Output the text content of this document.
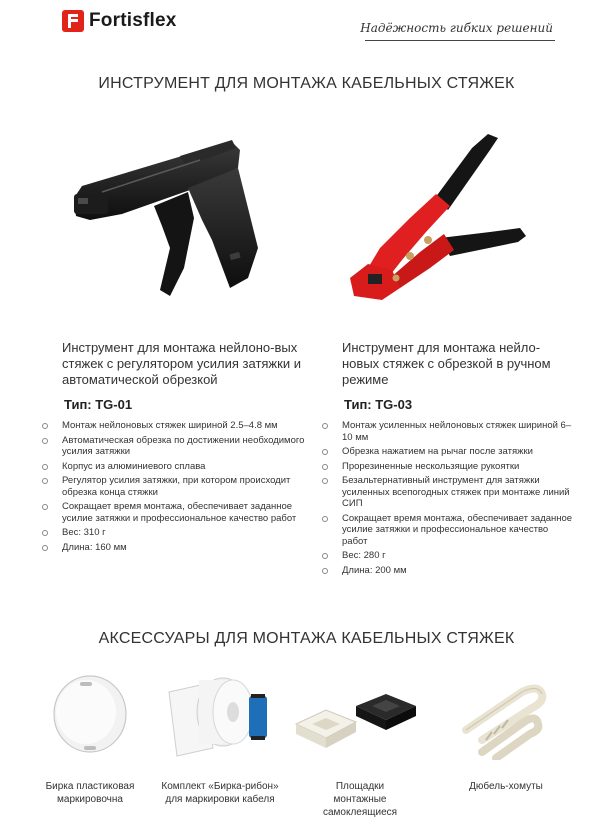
Fortisflex	Надёжность гибких решений
ИНСТРУМЕНТ ДЛЯ МОНТАЖА КАБЕЛЬНЫХ СТЯЖЕК

Инструмент для монтажа нейлоно-вых стяжек с регулятором усилия затяжки и автоматической обрезкой

Тип: TG-01
Монтаж нейлоновых стяжек шириной 2.5–4.8 мм
Автоматическая обрезка по достижении необходимого усилия затяжки
Корпус из алюминиевого сплава
Регулятор усилия затяжки, при котором происходит обрезка конца стяжки
Сокращает время монтажа, обеспечивает заданное усилие затяжки и профессиональное качество работ
Вес: 310 г
Длина: 160 мм

Инструмент для монтажа нейло-новых стяжек с обрезкой в ручном режиме

Тип: TG-03
Монтаж усиленных нейлоновых стяжек шириной 6–10 мм
Обрезка нажатием на рычаг после затяжки
Прорезиненные нескользящие рукоятки
Безальтернативный инструмент для затяжки усиленных всепогодных стяжек при монтаже линий СИП
Сокращает время монтажа, обеспечивает заданное усилие затяжки и профессиональное качество работ
Вес: 280 г
Длина: 200 мм
АКСЕССУАРЫ ДЛЯ МОНТАЖА КАБЕЛЬНЫХ СТЯЖЕК
Бирка пластиковая маркировочна
Комплект «Бирка-рибон» для маркировки кабеля
Площадки монтажные самоклеящиеся
Дюбель-хомуты
